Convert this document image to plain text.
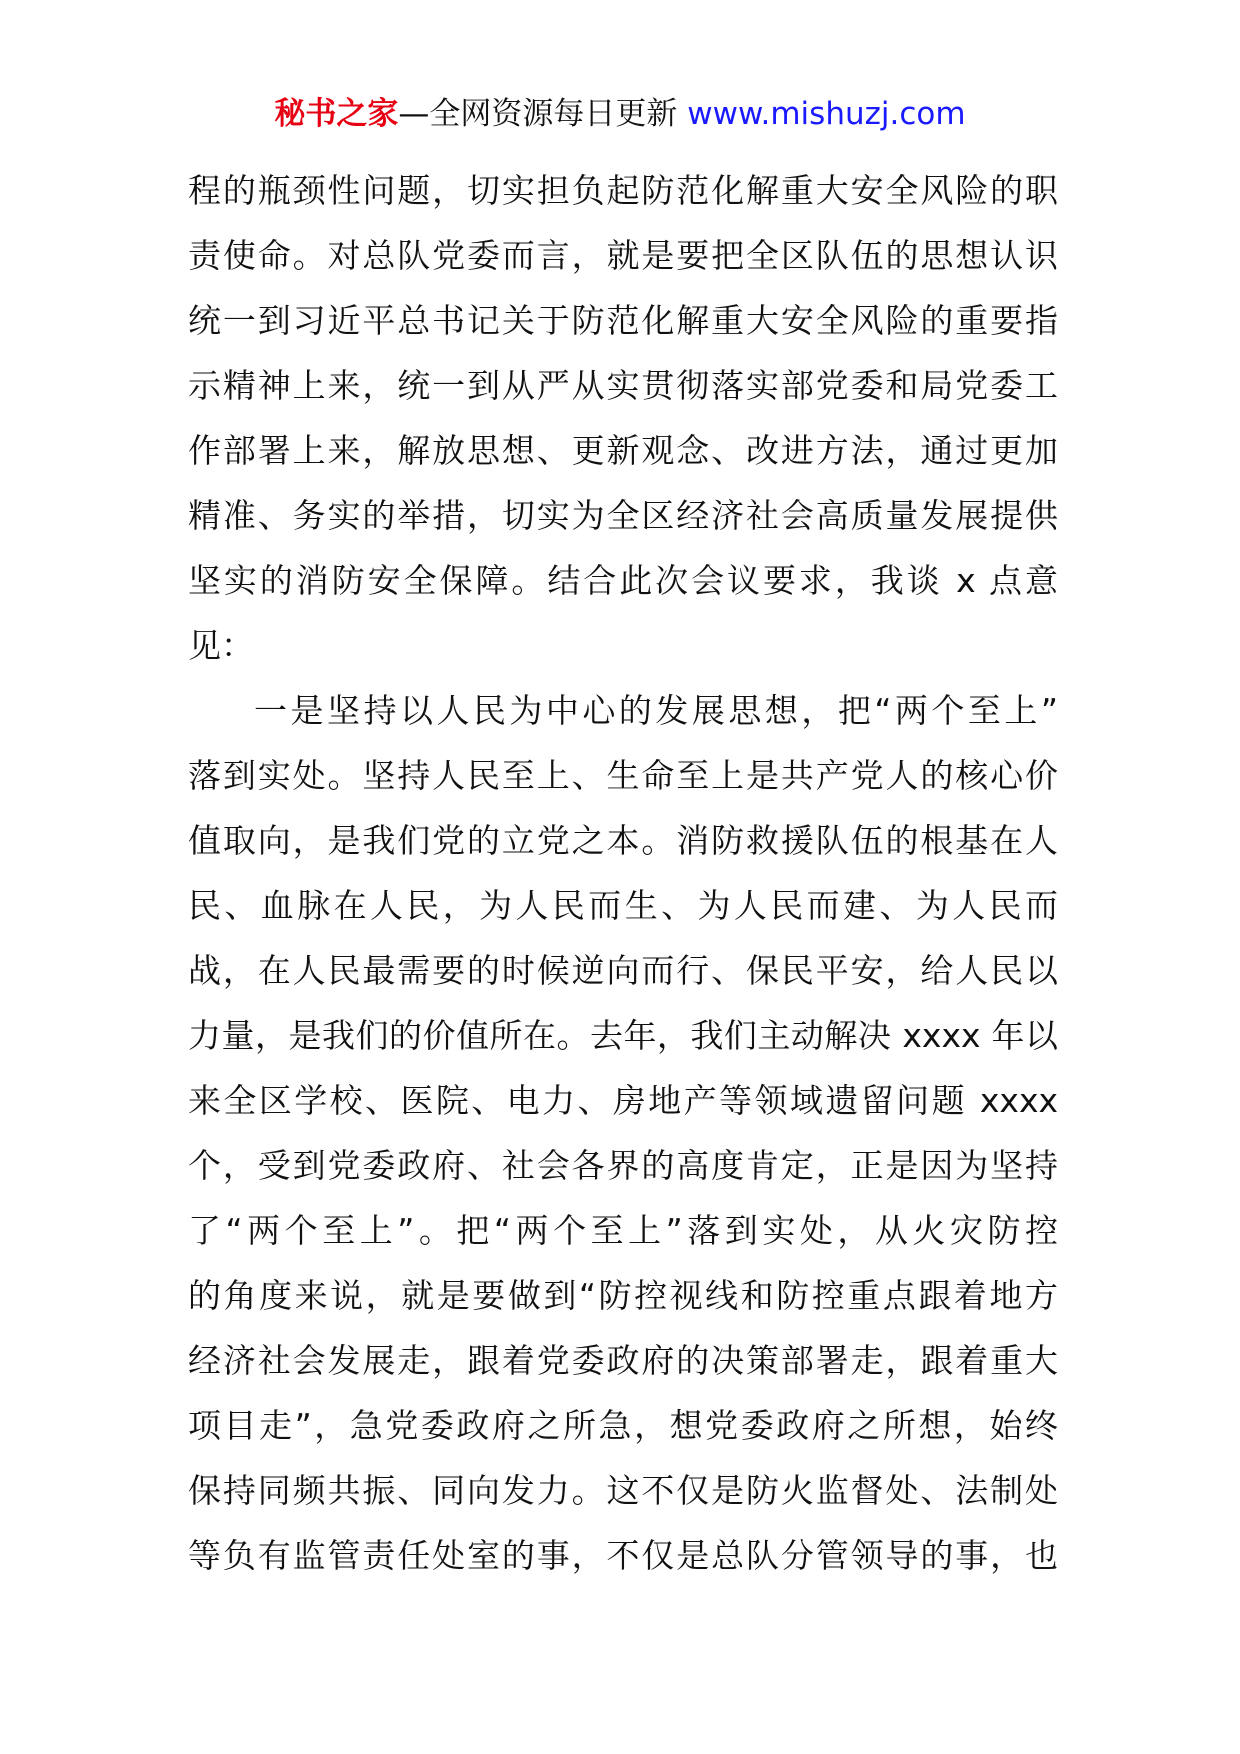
秘书之家—全网资源每日更新 www.mishuzj.com
程的瓶颈性问题，切实担负起防范化解重大安全风险的职
责使命。对总队党委而言，就是要把全区队伍的思想认识
统一到习近平总书记关于防范化解重大安全风险的重要指
示精神上来，统一到从严从实贯彻落实部党委和局党委工
作部署上来，解放思想、更新观念、改进方法，通过更加
精准、务实的举措，切实为全区经济社会高质量发展提供
坚实的消防安全保障。结合此次会议要求，我谈 x 点意
见：
一是坚持以人民为中心的发展思想，把“两个至上”
落到实处。坚持人民至上、生命至上是共产党人的核心价
值取向，是我们党的立党之本。消防救援队伍的根基在人
民、血脉在人民，为人民而生、为人民而建、为人民而
战，在人民最需要的时候逆向而行、保民平安，给人民以
力量，是我们的价值所在。去年，我们主动解决 xxxx 年以
来全区学校、医院、电力、房地产等领域遗留问题 xxxx
个，受到党委政府、社会各界的高度肯定，正是因为坚持
了“两个至上”。把“两个至上”落到实处，从火灾防控
的角度来说，就是要做到“防控视线和防控重点跟着地方
经济社会发展走，跟着党委政府的决策部署走，跟着重大
项目走”，急党委政府之所急，想党委政府之所想，始终
保持同频共振、同向发力。这不仅是防火监督处、法制处
等负有监管责任处室的事，不仅是总队分管领导的事，也
